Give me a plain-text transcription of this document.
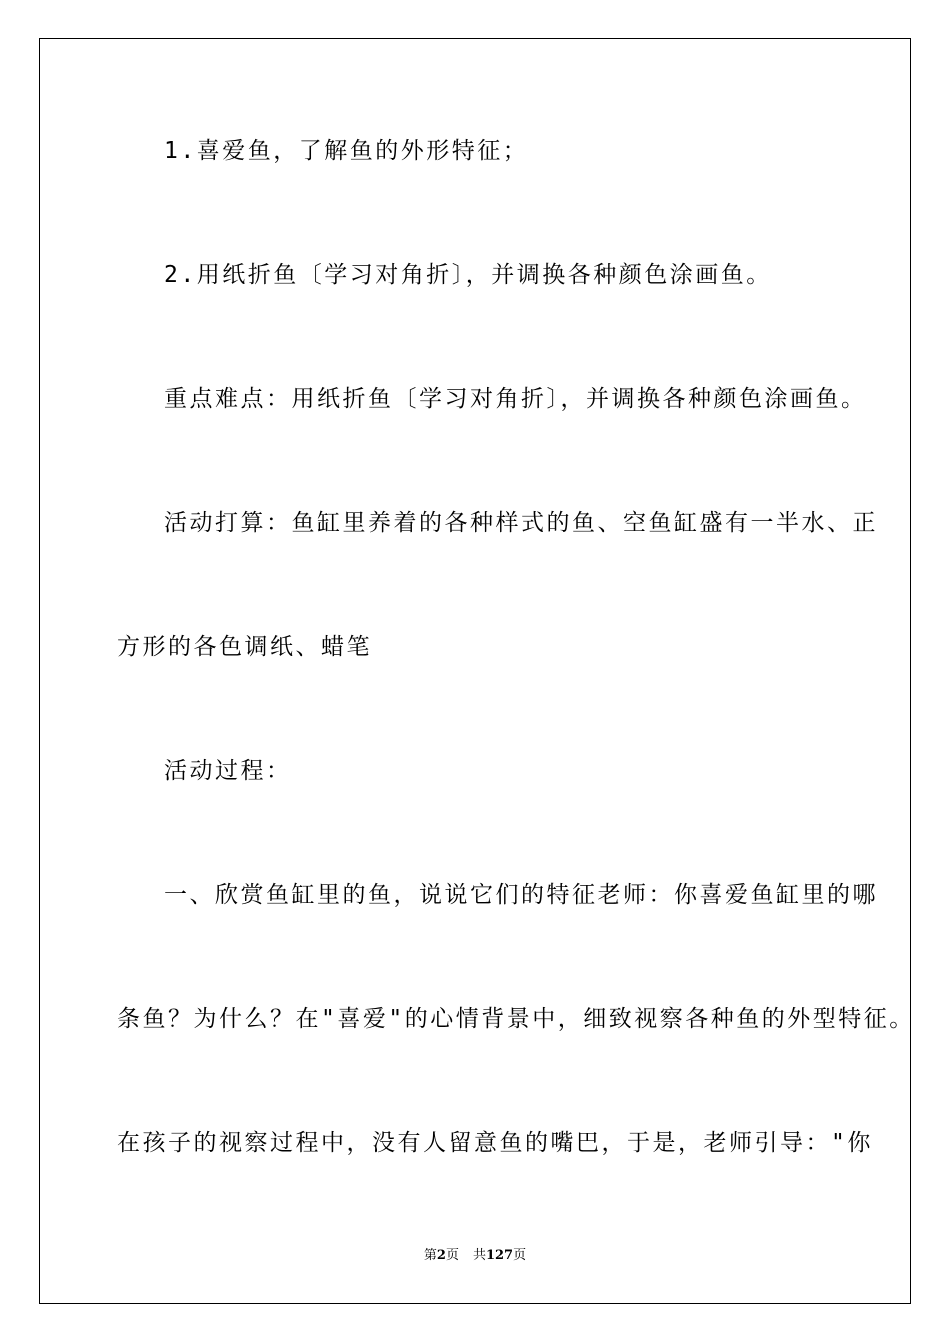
1.喜爱鱼，了解鱼的外形特征；
2.用纸折鱼〔学习对角折〕，并调换各种颜色涂画鱼。
重点难点：用纸折鱼〔学习对角折〕，并调换各种颜色涂画鱼。
活动打算：鱼缸里养着的各种样式的鱼、空鱼缸盛有一半水、正
方形的各色调纸、蜡笔
活动过程：
一、欣赏鱼缸里的鱼，说说它们的特征老师：你喜爱鱼缸里的哪
条鱼？为什么？在"喜爱"的心情背景中，细致视察各种鱼的外型特征。
在孩子的视察过程中，没有人留意鱼的嘴巴，于是，老师引导："你
第2页 共127页
